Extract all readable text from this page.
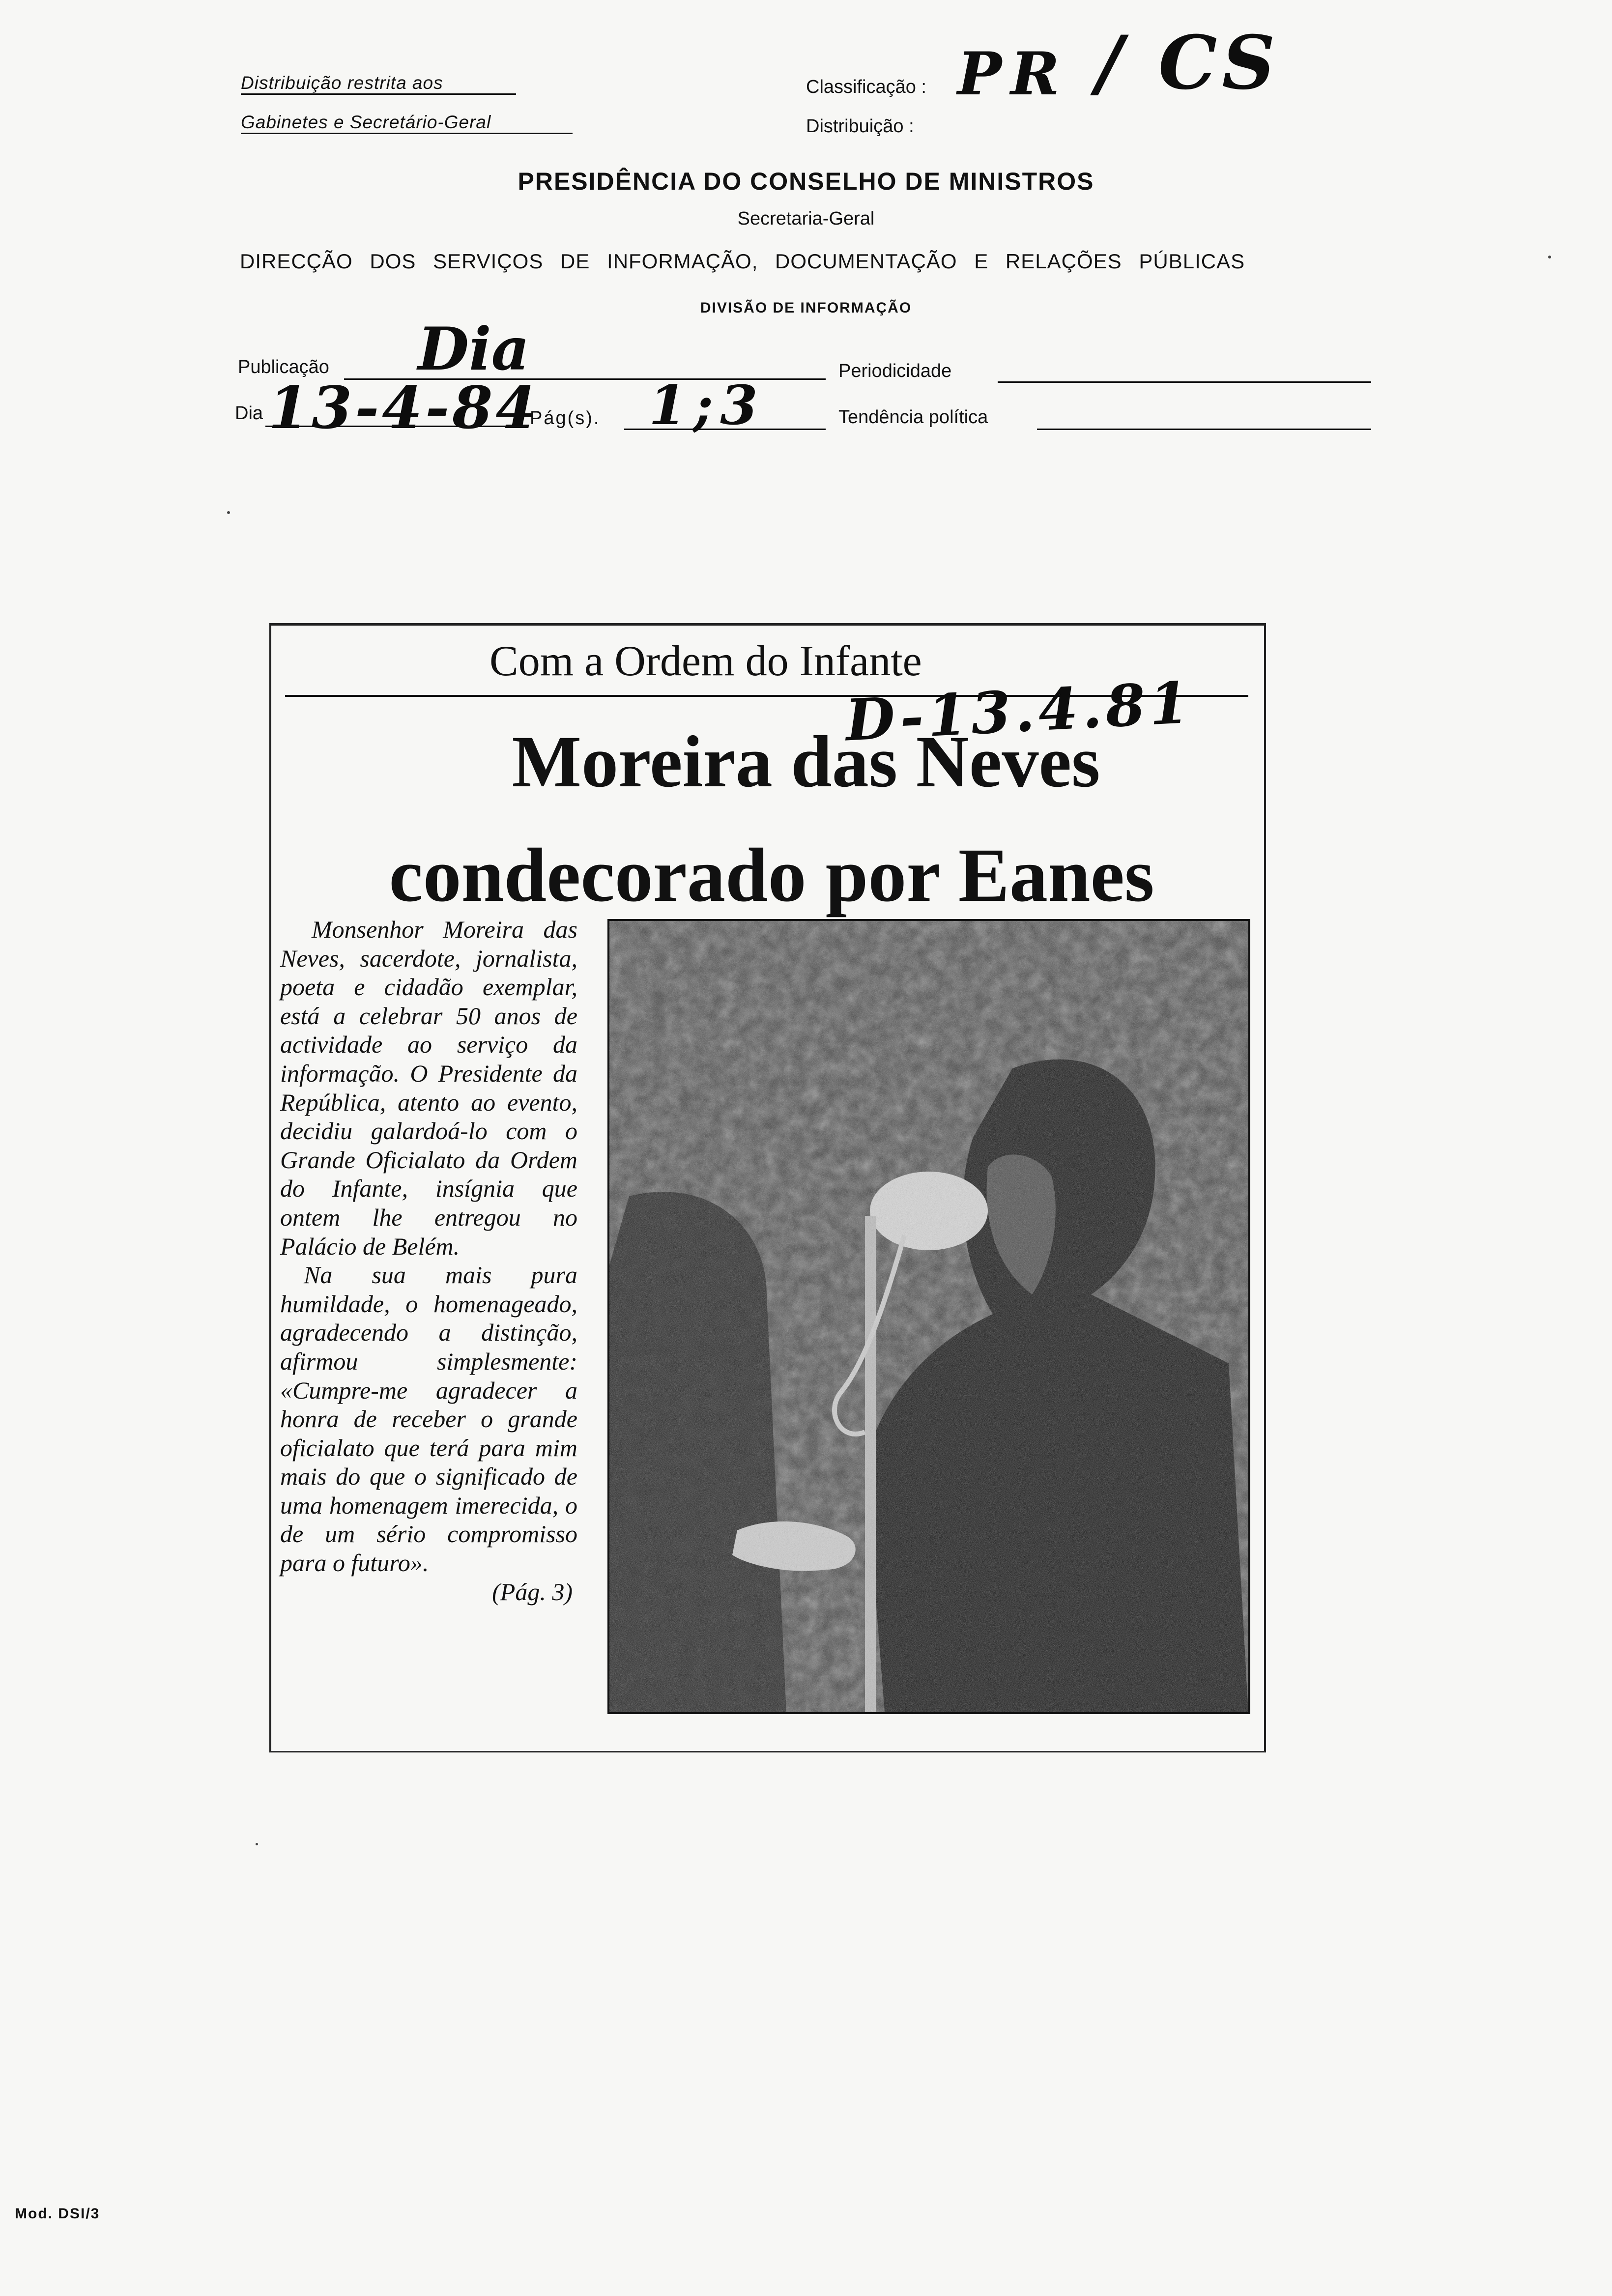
Distribuição restrita aos
Gabinetes e Secretário-Geral
Classificação : PR / CS
Distribuição :
PRESIDÊNCIA DO CONSELHO DE MINISTROS
Secretaria-Geral
DIRECÇÃO DOS SERVIÇOS DE INFORMAÇÃO, DOCUMENTAÇÃO E RELAÇÕES PÚBLICAS
DIVISÃO DE INFORMAÇÃO
Publicação Dia	Periodicidade
Dia 13-4-84
Pág(s). 1;3	Tendência política
Com a Ordem do Infante
D-13.4.81
Moreira das Neves
condecorado por Eanes

Monsenhor Moreira das Neves, sacerdote, jornalista, poeta e cidadão exemplar, está a celebrar 50 anos de actividade ao serviço da informação. O Presidente da República, atento ao evento, decidiu galardoá-lo com o Grande Oficialato da Ordem do Infante, insígnia que ontem lhe entregou no Palácio de Belém.

Na sua mais pura humildade, o homenageado, agradecendo a distinção, afirmou simplesmente: «Cumpre-me agradecer a honra de receber o grande oficialato que terá para mim mais do que o significado de uma homenagem imerecida, o de um sério compromisso para o futuro».

(Pág. 3)

Mod. DSI/3
